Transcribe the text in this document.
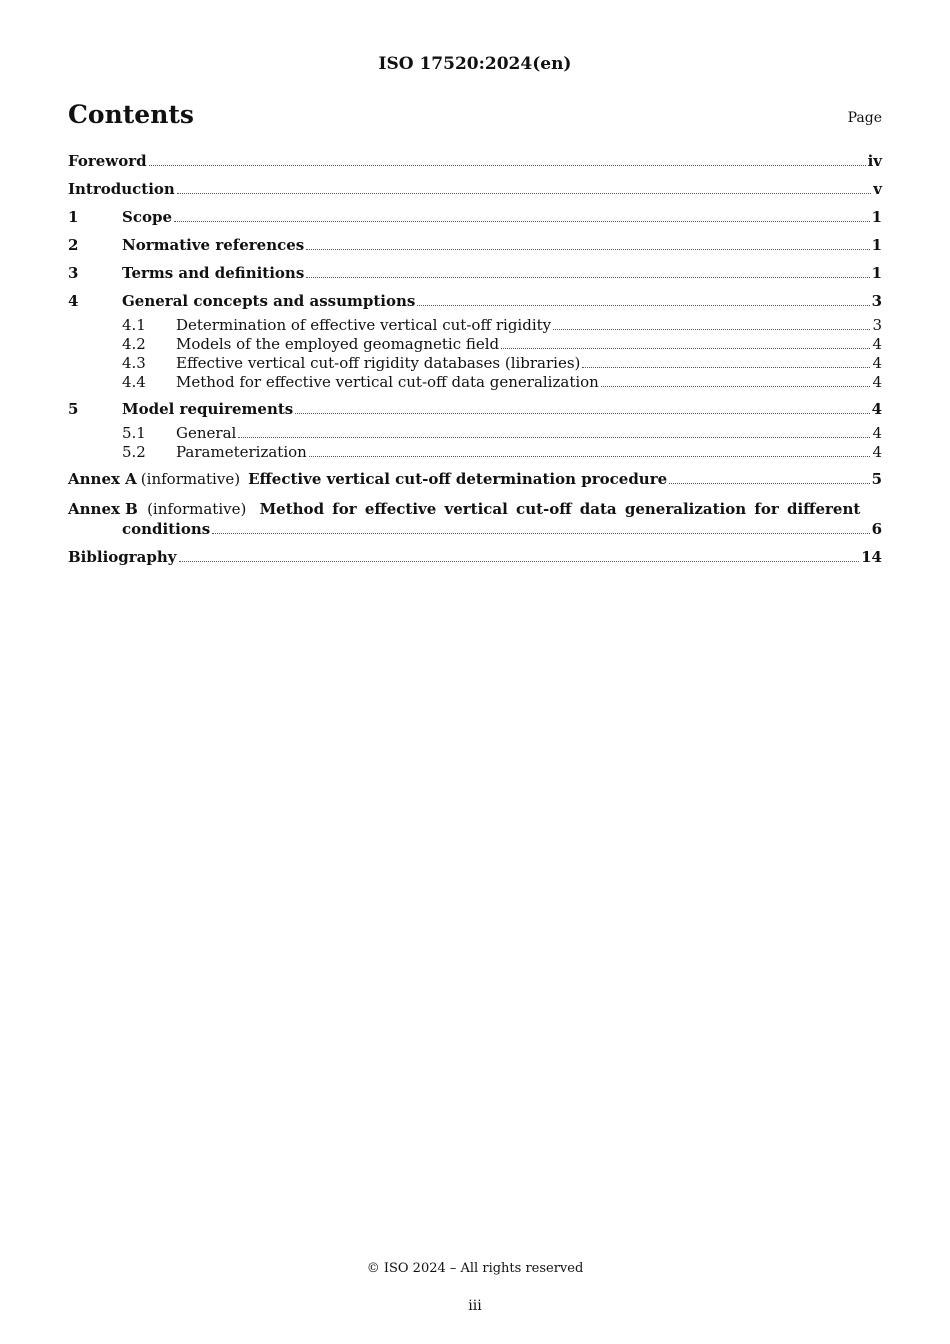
ISO 17520:2024(en)
Contents	Page
Foreword	iv
Introduction	v
1	Scope	1
2	Normative references	1
3	Terms and definitions	1
4	General concepts and assumptions	3
4.1	Determination of effective vertical cut-off rigidity	3
4.2	Models of the employed geomagnetic field	4
4.3	Effective vertical cut-off rigidity databases (libraries)	4
4.4	Method for effective vertical cut-off data generalization	4
5	Model requirements	4
5.1	General	4
5.2	Parameterization	4
Annex A (informative) Effective vertical cut-off determination procedure	5
Annex B (informative) Method for effective vertical cut-off data generalization for different
conditions	6
Bibliography	14
© ISO 2024 – All rights reserved
iii
